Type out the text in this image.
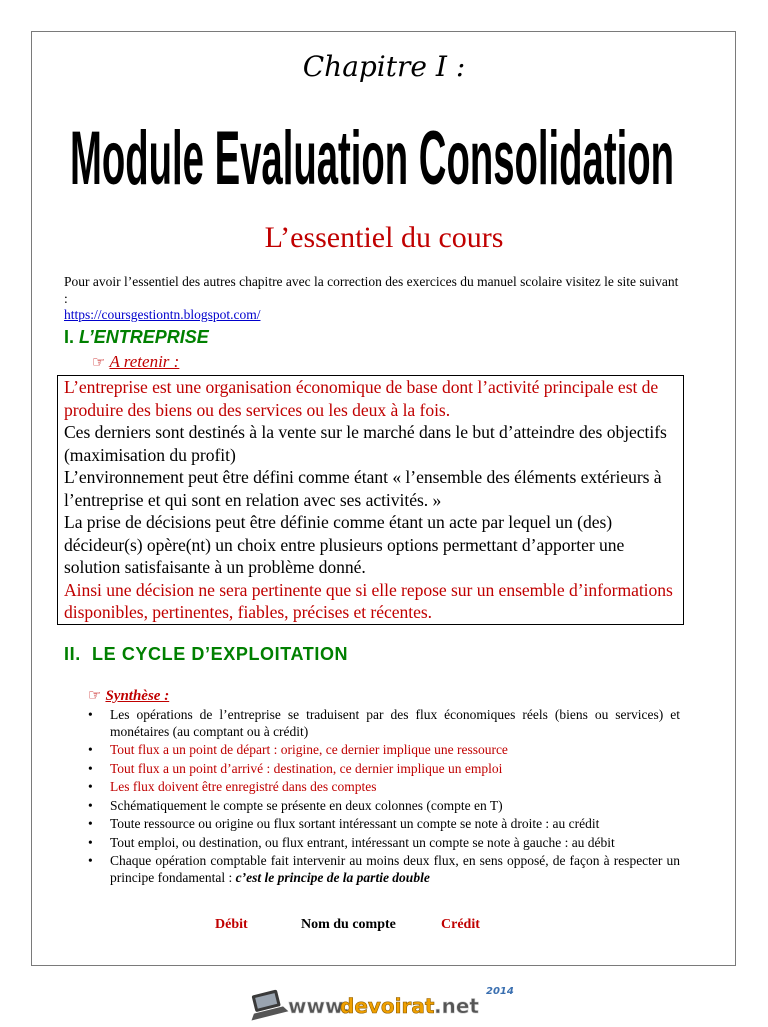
Chapitre I :
Module Evaluation Consolidation
L’essentiel du cours
Pour avoir l’essentiel des autres chapitre avec la correction des exercices du manuel scolaire visitez le site suivant :
https://coursgestiontn.blogspot.com/
I. L’ENTREPRISE
☞ A retenir :

L’entreprise est une organisation économique de base dont l’activité principale est de produire des biens ou des services ou les deux à la fois.

Ces derniers sont destinés à la vente sur le marché dans le but d’atteindre des objectifs (maximisation du profit)

L’environnement peut être défini comme étant « l’ensemble des éléments extérieurs à l’entreprise et qui sont en relation avec ses activités. »

La prise de décisions peut être définie comme étant un acte par lequel un (des) décideur(s) opère(nt) un choix entre plusieurs options permettant d’apporter une solution satisfaisante à un problème donné.

Ainsi une décision ne sera pertinente que si elle repose sur un ensemble d’informations disponibles, pertinentes, fiables, précises et récentes.

II. LE CYCLE D’EXPLOITATION
☞ Synthèse :
• Les opérations de l’entreprise se traduisent par des flux économiques réels (biens ou services) et monétaires (au comptant ou à crédit)
• Tout flux a un point de départ : origine, ce dernier implique une ressource
• Tout flux a un point d’arrivé : destination, ce dernier implique un emploi
• Les flux doivent être enregistré dans des comptes
• Schématiquement le compte se présente en deux colonnes (compte en T)
• Toute ressource ou origine ou flux sortant intéressant un compte se note à droite : au crédit
• Tout emploi, ou destination, ou flux entrant, intéressant un compte se note à gauche : au débit
• Chaque opération comptable fait intervenir au moins deux flux, en sens opposé, de façon à respecter un principe fondamental : c’est le principe de la partie double
Débit	Nom du compte	Crédit
www.
devoirat .net
2014
